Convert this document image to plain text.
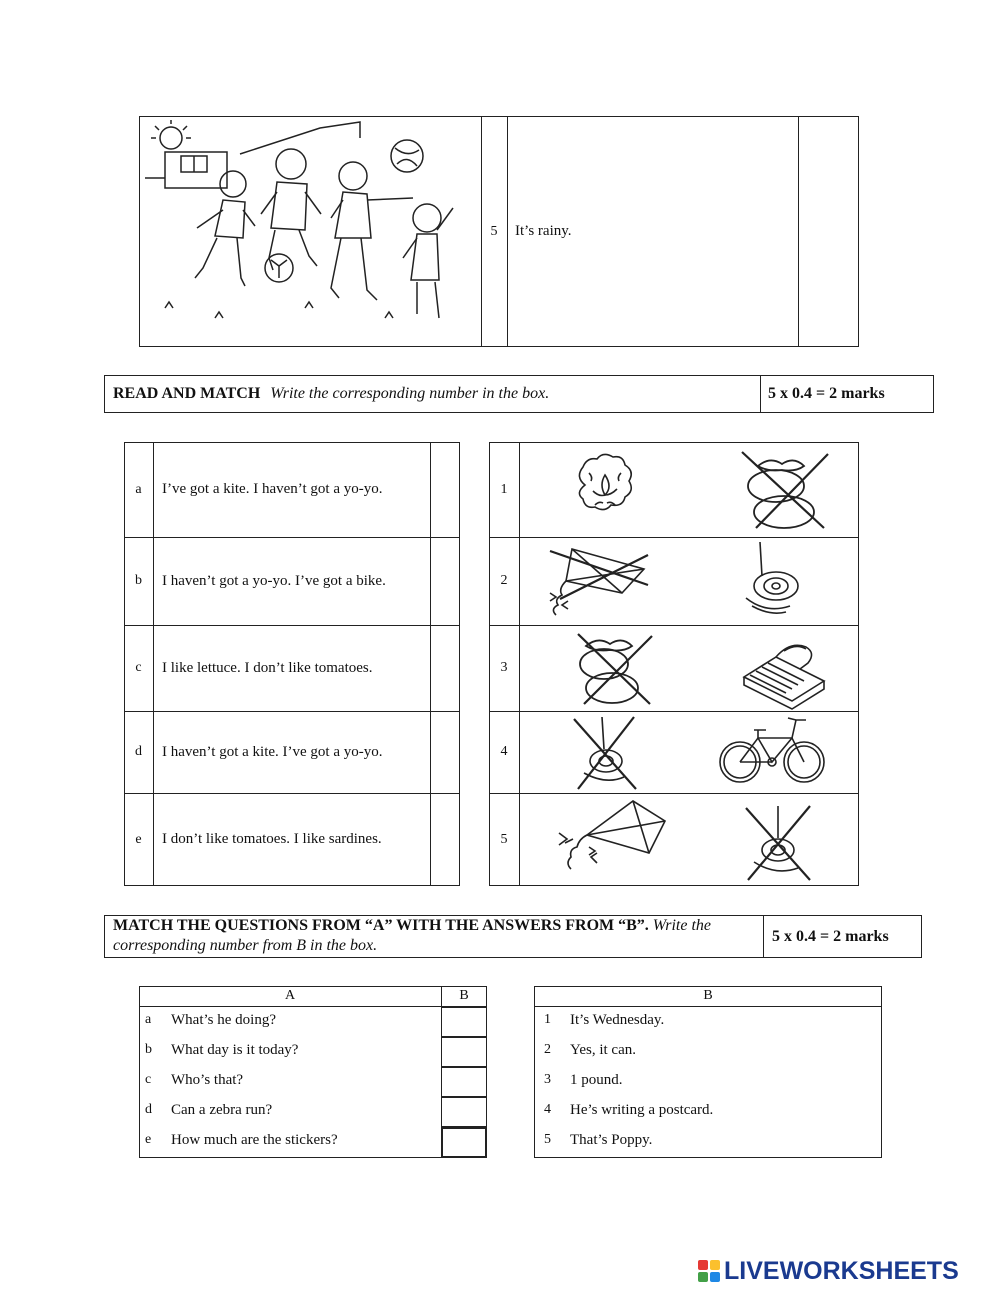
5	It’s rainy.
READ AND MATCH Write the corresponding number in the box.	5 x 0.4 = 2 marks
a	I’ve got a kite. I haven’t got a yo-yo.
b	I haven’t got a yo-yo. I’ve got a bike.
c	I like lettuce. I don’t like tomatoes.
d	I haven’t got a kite. I’ve got a yo-yo.
e	I don’t like tomatoes. I like sardines.
1
2
3
4
5
MATCH THE QUESTIONS FROM “A” WITH THE ANSWERS FROM “B”. Write the corresponding number from B in the box.
5 x 0.4 = 2 marks
A	B
a	What’s he doing?
b	What day is it today?
c	Who’s that?
d	Can a zebra run?
e	How much are the stickers?
B
1	It’s Wednesday.
2	Yes, it can.
3	1 pound.
4	He’s writing a postcard.
5	That’s Poppy.
LIVEWORKSHEETS
